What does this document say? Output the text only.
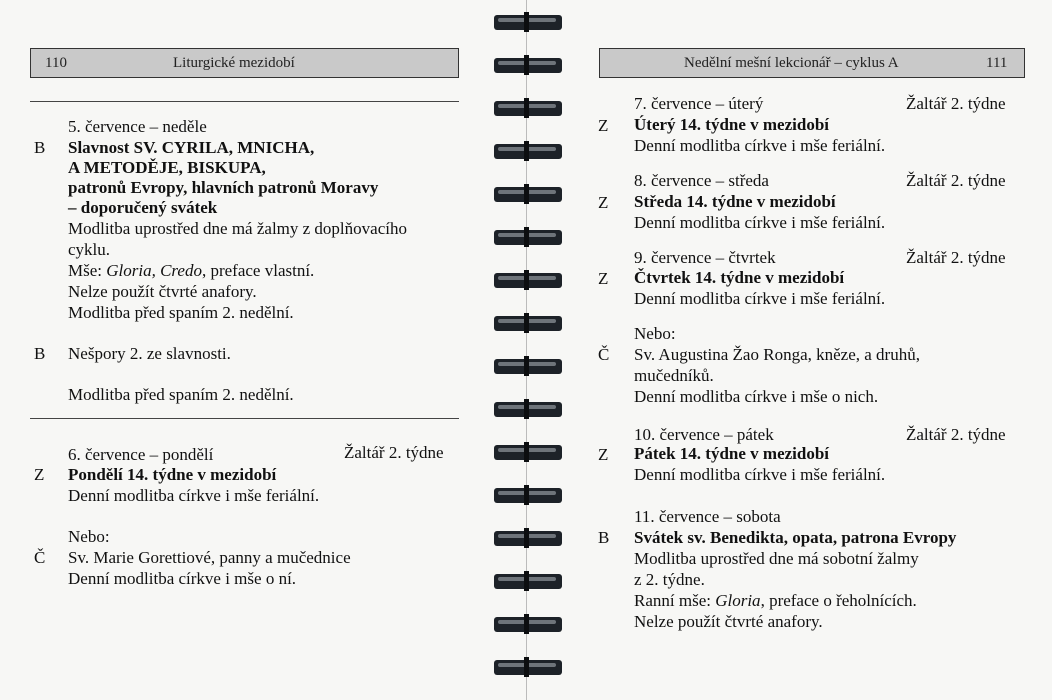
110	Liturgické mezidobí
5. července – neděle
B Slavnost SV. CYRILA, MNICHA,
A METODĚJE, BISKUPA,
patronů Evropy, hlavních patronů Moravy
– doporučený svátek
Modlitba uprostřed dne má žalmy z doplňovacího
cyklu.
Mše: Gloria, Credo, preface vlastní.
Nelze použít čtvrté anafory.
Modlitba před spaním 2. nedělní.
B Nešpory 2. ze slavnosti.
Modlitba před spaním 2. nedělní.
6. července – pondělí	Žaltář 2. týdne
Z Pondělí 14. týdne v mezidobí
Denní modlitba církve i mše feriální.
Nebo:
Č Sv. Marie Gorettiové, panny a mučednice
Denní modlitba církve i mše o ní.
Nedělní mešní lekcionář – cyklus A	111
7. července – úterý	Žaltář 2. týdne
Z Úterý 14. týdne v mezidobí
Denní modlitba církve i mše feriální.
8. července – středa	Žaltář 2. týdne
Z Středa 14. týdne v mezidobí
Denní modlitba církve i mše feriální.
9. července – čtvrtek	Žaltář 2. týdne
Z Čtvrtek 14. týdne v mezidobí
Denní modlitba církve i mše feriální.
Nebo:
Č Sv. Augustina Žao Ronga, kněze, a druhů,
mučedníků.
Denní modlitba církve i mše o nich.
10. července – pátek	Žaltář 2. týdne
Z Pátek 14. týdne v mezidobí
Denní modlitba církve i mše feriální.
11. července – sobota
B Svátek sv. Benedikta, opata, patrona Evropy
Modlitba uprostřed dne má sobotní žalmy
z 2. týdne.
Ranní mše: Gloria, preface o řeholnících.
Nelze použít čtvrté anafory.
